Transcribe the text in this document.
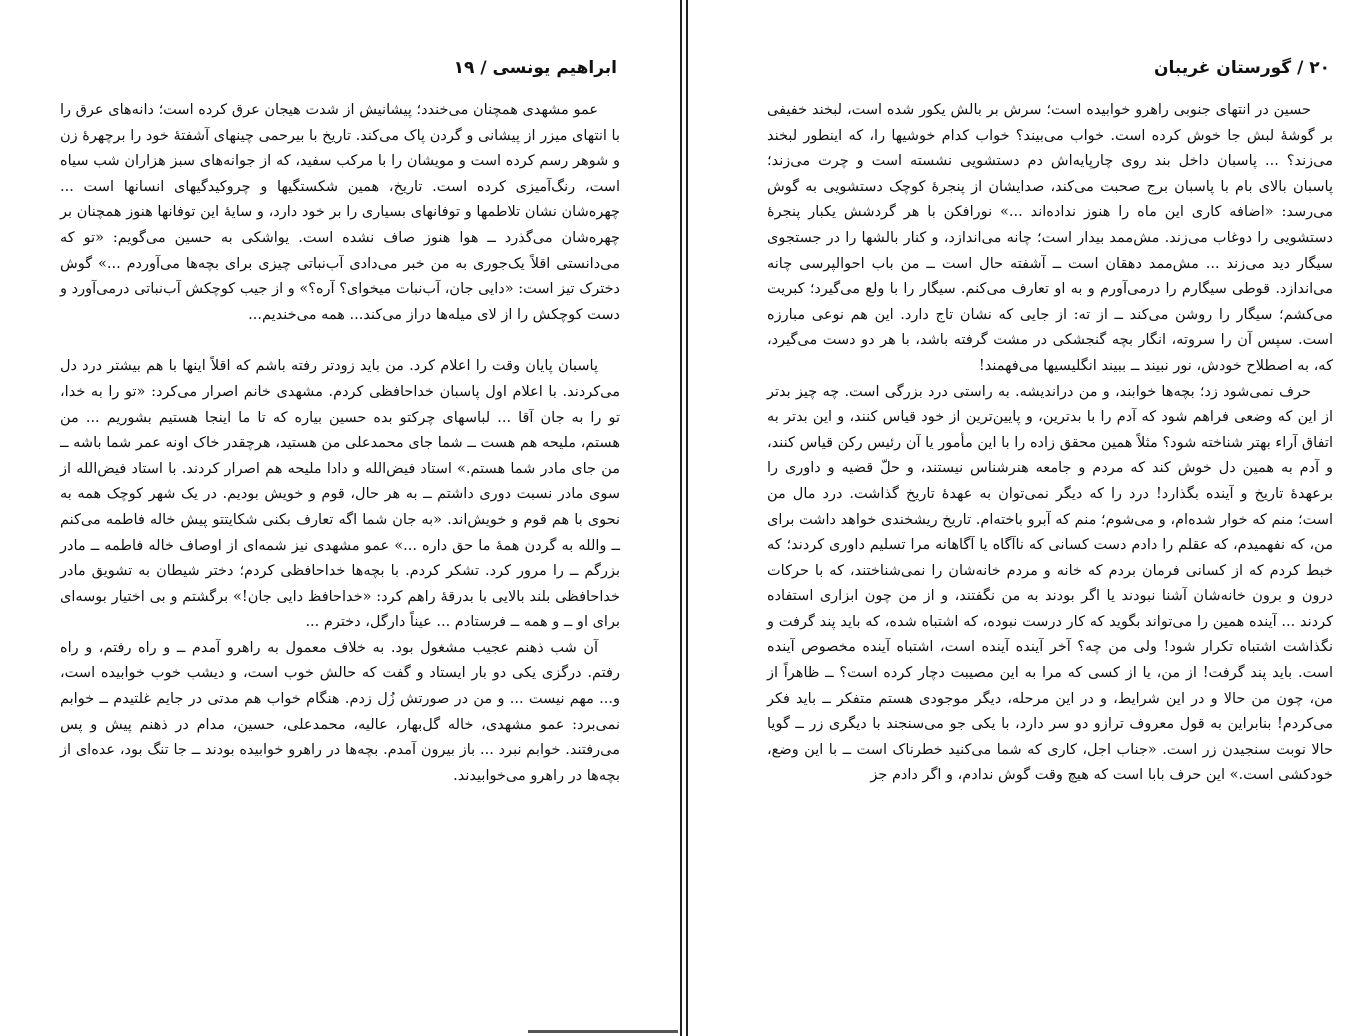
ابراهیم یونسی / ۱۹

عمو مشهدی همچنان می‌خندد؛ پیشانیش از شدت هیجان عرق کرده است؛ دانه‌های عرق را با انتهای میزر از پیشانی و گردن پاک می‌کند. تاریخ با بیرحمی چینهای آشفتهٔ خود را برچهرهٔ زن و شوهر رسم کرده است و مویشان را با مرکب سفید، که از جوانه‌های سبز هزاران شب سیاه است، رنگ‌آمیزی کرده است. تاریخ، همین شکستگیها و چروکیدگیهای انسانها است ... چهره‌شان نشان تلاطمها و توفانهای بسیاری را بر خود دارد، و سایهٔ این توفانها هنوز همچنان بر چهره‌شان می‌گذرد ــ هوا هنوز صاف نشده است. یواشکی به حسین می‌گویم: «تو که می‌دانستی اقلاً یک‌جوری به من خبر می‌دادی آب‌نباتی چیزی برای بچه‌ها می‌آوردم ...» گوش دخترک تیز است: «دایی جان، آب‌نبات میخوای؟ آره؟» و از جیب کوچکش آب‌نباتی درمی‌آورد و دست کوچکش را از لای میله‌ها دراز می‌کند... همه می‌خندیم...

پاسبان پایان وقت را اعلام کرد. من باید زودتر رفته باشم که اقلاً اینها با هم بیشتر درد دل می‌کردند. با اعلام اول پاسبان خداحافظی کردم. مشهدی خانم اصرار می‌کرد: «تو را به خدا، تو را به جان آقا ... لباسهای چرکتو بده حسین بیاره که تا ما اینجا هستیم بشوریم ... من هستم، ملیحه هم هست ــ شما جای محمدعلی من هستید، هرچقدر خاک اونه عمر شما باشه ــ من جای مادر شما هستم.» استاد فیض‌الله و دادا ملیحه هم اصرار کردند. با استاد فیض‌الله از سوی مادر نسبت دوری داشتم ــ به هر حال، قوم و خویش بودیم. در یک شهر کوچک همه به نحوی با هم قوم و خویش‌اند. «به جان شما اگه تعارف بکنی شکایتتو پیش خاله فاطمه می‌کنم ــ والله به گردن همهٔ ما حق داره ...» عمو مشهدی نیز شمه‌ای از اوصاف خاله فاطمه ــ مادر بزرگم ــ را مرور کرد. تشکر کردم. با بچه‌ها خداحافظی کردم؛ دختر شیطان به تشویق مادر خداحافظی بلند بالایی با بدرقهٔ راهم کرد: «خداحافظ دایی جان!» برگشتم و بی اختیار بوسه‌ای برای او ــ و همه ــ فرستادم ... عیناً دارگل، دخترم ...

آن شب ذهنم عجیب مشغول بود. به خلاف معمول به راهرو آمدم ــ و راه رفتم، و راه رفتم. درگزی یکی دو بار ایستاد و گفت که حالش خوب است، و دیشب خوب خوابیده است، و... مهم نیست ... و من در صورتش زُل زدم. هنگام خواب هم مدتی در جایم غلتیدم ــ خوابم نمی‌برد: عمو مشهدی، خاله گل‌بهار، عالیه، محمدعلی، حسین، مدام در ذهنم پیش و پس می‌رفتند. خوابم نبرد ... باز بیرون آمدم. بچه‌ها در راهرو خوابیده بودند ــ جا تنگ بود، عده‌ای از بچه‌ها در راهرو می‌خوابیدند.

۲۰ / گورستان غریبان

حسین در انتهای جنوبی راهرو خوابیده است؛ سرش بر بالش یکور شده است، لبخند خفیفی بر گوشهٔ لبش جا خوش کرده است. خواب می‌بیند؟ خواب کدام خوشیها را، که اینطور لبخند می‌زند؟ ... پاسبان داخل بند روی چارپایه‌اش دم دستشویی نشسته است و چرت می‌زند؛ پاسبان بالای بام با پاسبان برج صحبت می‌کند، صدایشان از پنجرهٔ کوچک دستشویی به گوش می‌رسد: «اضافه کاری این ماه را هنوز نداده‌اند ...» نورافکن با هر گردشش یکبار پنجرهٔ دستشویی را دوغاب می‌زند. مش‌ممد بیدار است؛ چانه می‌اندازد، و کنار بالشها را در جستجوی سیگار دید می‌زند ... مش‌ممد دهقان است ــ آشفته حال است ــ من باب احوالپرسی چانه می‌اندازد. قوطی سیگارم را درمی‌آورم و به او تعارف می‌کنم. سیگار را با ولع می‌گیرد؛ کبریت می‌کشم؛ سیگار را روشن می‌کند ــ از ته: از جایی که نشان تاج دارد. این هم نوعی مبارزه است. سپس آن را سروته، انگار بچه گنجشکی در مشت گرفته باشد، با هر دو دست می‌گیرد، که، به اصطلاح خودش، نور نبیند ــ ببیند انگلیسیها می‌فهمند!

حرف نمی‌شود زد؛ بچه‌ها خوابند، و من دراندیشه. به راستی درد بزرگی است. چه چیز بدتر از این که وضعی فراهم شود که آدم را با بدترین، و پایین‌ترین از خود قیاس کنند، و این بدتر به اتفاق آراء بهتر شناخته شود؟ مثلاً همین محقق زاده را با این مأمور یا آن رئیس رکن قیاس کنند، و آدم به همین دل خوش کند که مردم و جامعه هنرشناس نیستند، و حلّ قضیه و داوری را برعهدهٔ تاریخ و آینده بگذارد! درد را که دیگر نمی‌توان به عهدهٔ تاریخ گذاشت. درد مال من است؛ منم که خوار شده‌ام، و می‌شوم؛ منم که آبرو باخته‌ام. تاریخ ریشخندی خواهد داشت برای من، که نفهمیدم، که عقلم را دادم دست کسانی که ناآگاه یا آگاهانه مرا تسلیم داوری کردند؛ که خبط کردم که از کسانی فرمان بردم که خانه و مردم خانه‌شان را نمی‌شناختند، که با حرکات درون و برون خانه‌شان آشنا نبودند یا اگر بودند به من نگفتند، و از من چون ابزاری استفاده کردند ... آینده همین را می‌تواند بگوید که کار درست نبوده، که اشتباه شده، که باید پند گرفت و نگذاشت اشتباه تکرار شود! ولی من چه؟ آخر آینده آینده است، اشتباه آینده مخصوص آینده است. باید پند گرفت! از من، یا از کسی که مرا به این مصیبت دچار کرده است؟ ــ ظاهراً از من، چون من حالا و در این شرایط، و در این مرحله، دیگر موجودی هستم متفکر ــ باید فکر می‌کردم! بنابراین به قول معروف ترازو دو سر دارد، با یکی جو می‌سنجند با دیگری زر ــ گویا حالا نوبت سنجیدن زر است. «جناب اجل، کاری که شما می‌کنید خطرناک است ــ با این وضع، خودکشی است.» این حرف بابا است که هیچ وقت گوش ندادم، و اگر دادم جز
